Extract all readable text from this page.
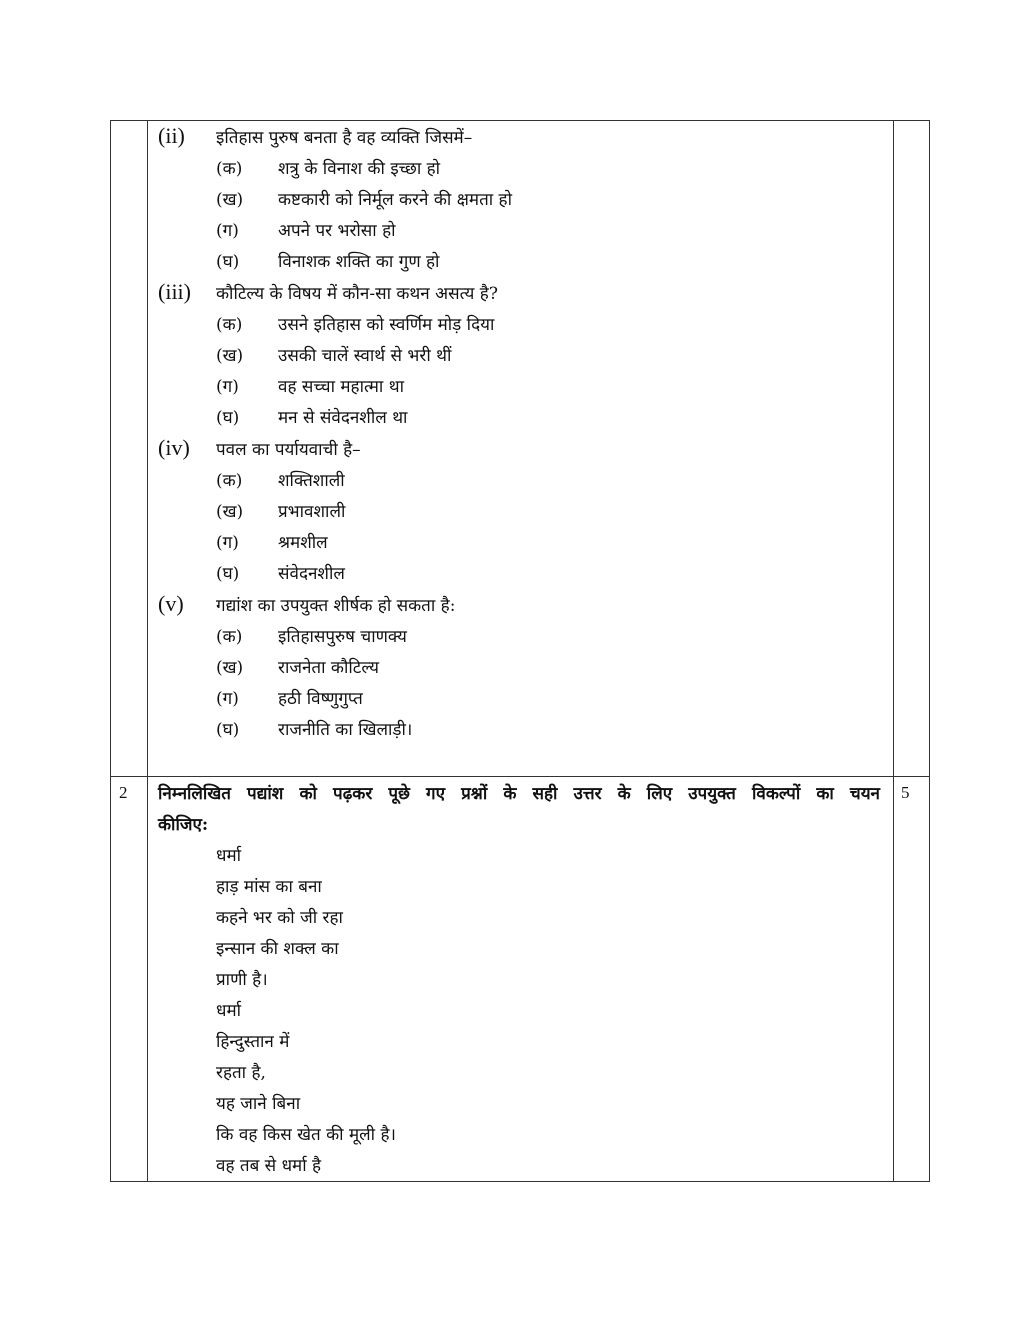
(ii) इतिहास पुरुष बनता है वह व्यक्ति जिसमें–
(क) शत्रु के विनाश की इच्छा हो
(ख) कष्टकारी को निर्मूल करने की क्षमता हो
(ग) अपने पर भरोसा हो
(घ) विनाशक शक्ति का गुण हो
(iii) कौटिल्य के विषय में कौन-सा कथन असत्य है?
(क) उसने इतिहास को स्वर्णिम मोड़ दिया
(ख) उसकी चालें स्वार्थ से भरी थीं
(ग) वह सच्चा महात्मा था
(घ) मन से संवेदनशील था
(iv) पवल का पर्यायवाची है–
(क) शक्तिशाली
(ख) प्रभावशाली
(ग) श्रमशील
(घ) संवेदनशील
(v) गद्यांश का उपयुक्त शीर्षक हो सकता है:
(क) इतिहासपुरुष चाणक्य
(ख) राजनेता कौटिल्य
(ग) हठी विष्णुगुप्त
(घ) राजनीति का खिलाड़ी।
2	5
निम्नलिखित पद्यांश को पढ़कर पूछे गए प्रश्नों के सही उत्तर के लिए उपयुक्त विकल्पों का चयन
कीजिए:
धर्मा
हाड़ मांस का बना
कहने भर को जी रहा
इन्सान की शक्ल का
प्राणी है।
धर्मा
हिन्दुस्तान में
रहता है,
यह जाने बिना
कि वह किस खेत की मूली है।
वह तब से धर्मा है
